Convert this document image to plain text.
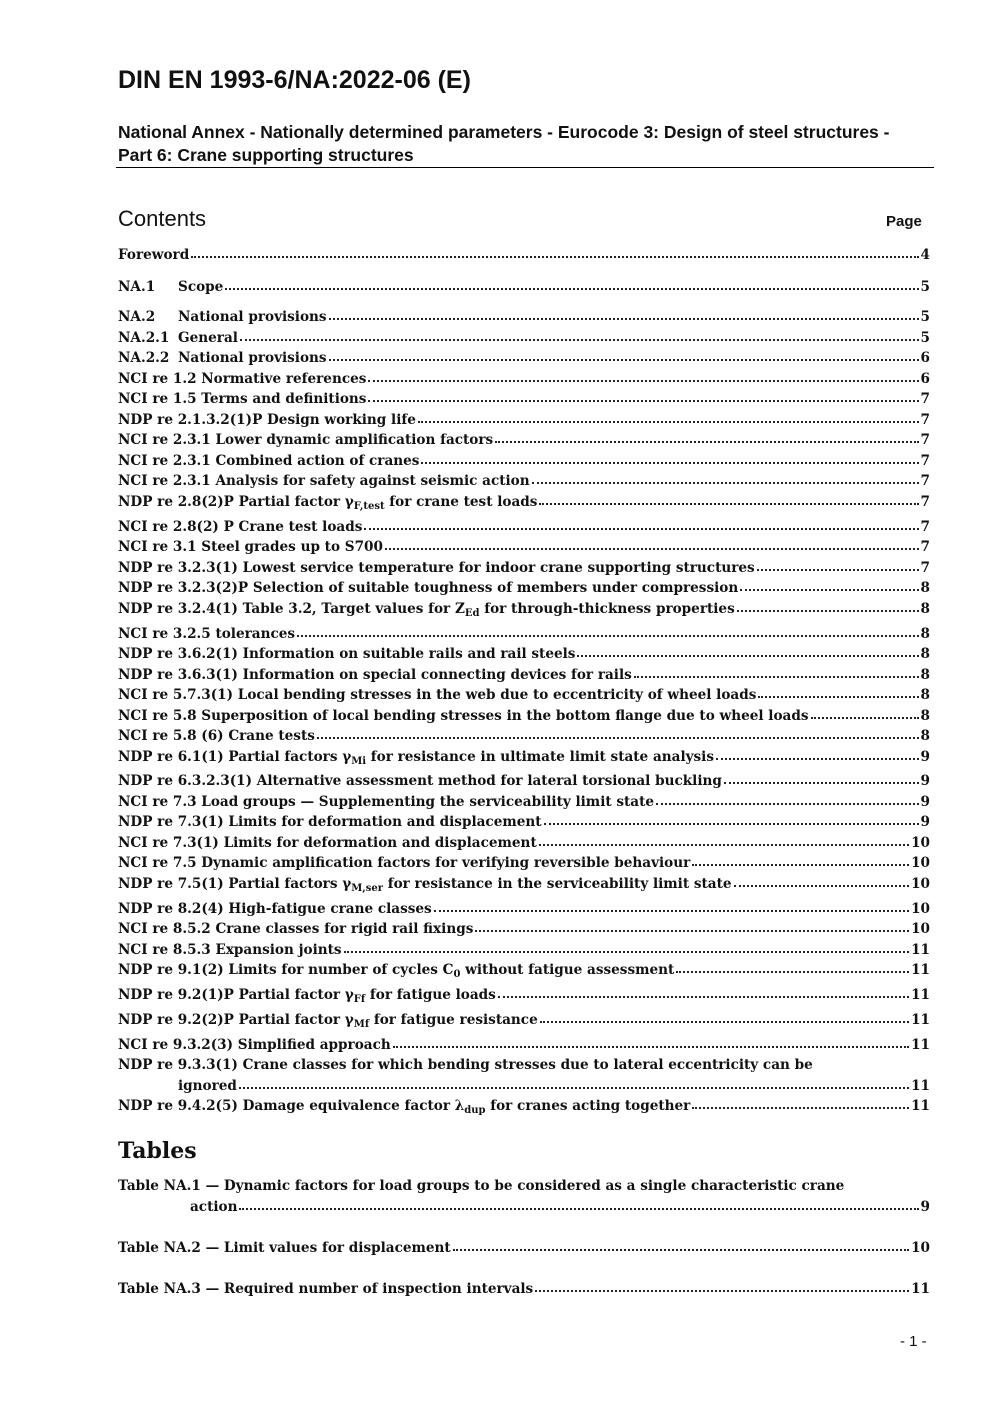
DIN EN 1993-6/NA:2022-06 (E)
National Annex - Nationally determined parameters - Eurocode 3: Design of steel structures - Part 6: Crane supporting structures
Contents	Page
Foreword	4
NA.1	Scope	5
NA.2	National provisions	5
NA.2.1 General	5
NA.2.2 National provisions	6
NCI re 1.2 Normative references	6
NCI re 1.5 Terms and definitions	7
NDP re 2.1.3.2(1)P Design working life	7
NCI re 2.3.1 Lower dynamic amplification factors	7
NCI re 2.3.1 Combined action of cranes	7
NCI re 2.3.1 Analysis for safety against seismic action	7
NDP re 2.8(2)P Partial factor $\gamma_{F,test}$ for crane test loads	7
NCI re 2.8(2) P Crane test loads	7
NCI re 3.1 Steel grades up to S700	7
NDP re 3.2.3(1) Lowest service temperature for indoor crane supporting structures	7
NDP re 3.2.3(2)P Selection of suitable toughness of members under compression	8
NDP re 3.2.4(1) Table 3.2, Target values for $Z_{Ed}$ for through-thickness properties	8
NCI re 3.2.5 tolerances	8
NDP re 3.6.2(1) Information on suitable rails and rail steels	8
NDP re 3.6.3(1) Information on special connecting devices for rails	8
NCI re 5.7.3(1) Local bending stresses in the web due to eccentricity of wheel loads	8
NCI re 5.8 Superposition of local bending stresses in the bottom flange due to wheel loads	8
NCI re 5.8 (6) Crane tests	8
NDP re 6.1(1) Partial factors $\gamma_{Mi}$ for resistance in ultimate limit state analysis	9
NDP re 6.3.2.3(1) Alternative assessment method for lateral torsional buckling	9
NCI re 7.3 Load groups — Supplementing the serviceability limit state	9
NDP re 7.3(1) Limits for deformation and displacement	9
NCI re 7.3(1) Limits for deformation and displacement	10
NCI re 7.5 Dynamic amplification factors for verifying reversible behaviour	10
NDP re 7.5(1) Partial factors $\gamma_{M,ser}$ for resistance in the serviceability limit state	10
NDP re 8.2(4) High-fatigue crane classes	10
NCI re 8.5.2 Crane classes for rigid rail fixings	10
NCI re 8.5.3 Expansion joints	11
NDP re 9.1(2) Limits for number of cycles $C_0$ without fatigue assessment	11
NDP re 9.2(1)P Partial factor $\gamma_{Ff}$ for fatigue loads	11
NDP re 9.2(2)P Partial factor $\gamma_{Mf}$ for fatigue resistance	11
NCI re 9.3.2(3) Simplified approach	11
NDP re 9.3.3(1) Crane classes for which bending stresses due to lateral eccentricity can be
ignored	11
NDP re 9.4.2(5) Damage equivalence factor $\lambda_{dup}$ for cranes acting together	11
Tables
Table NA.1 — Dynamic factors for load groups to be considered as a single characteristic crane
action	9
Table NA.2 — Limit values for displacement	10
Table NA.3 — Required number of inspection intervals	11
- 1 -
